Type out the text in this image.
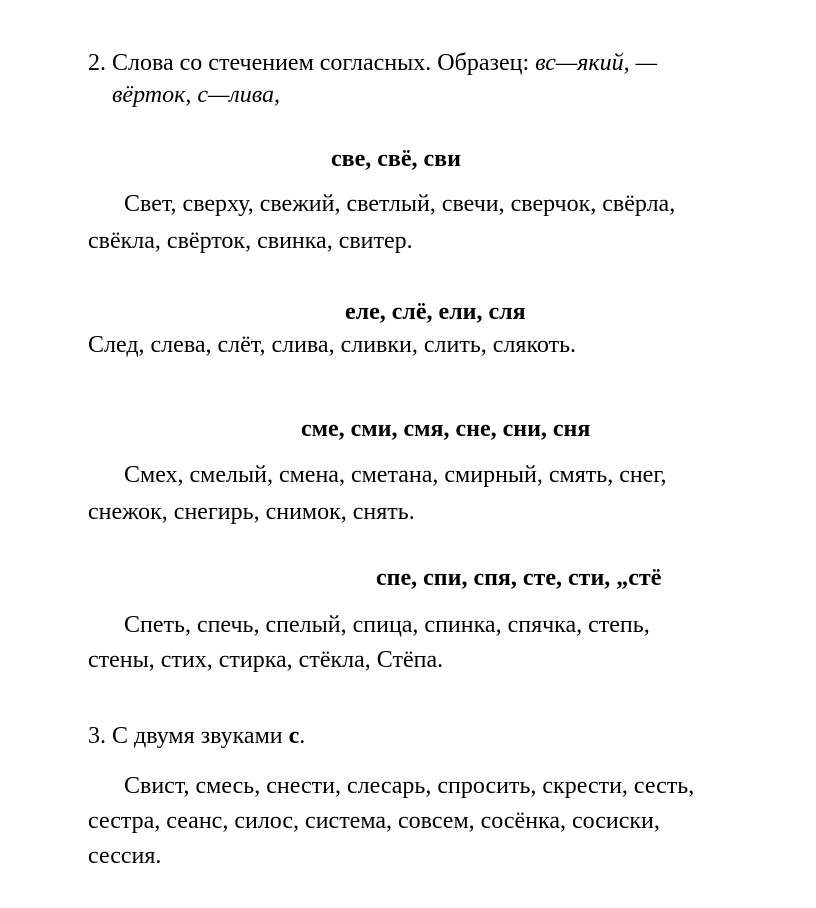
2. Слова со стечением согласных. Образец: вс—який, —
вёрток, с—лива,
све, свё, сви
Свет, сверху, свежий, светлый, свечи, сверчок, свёрла,
свёкла, свёрток, свинка, свитер.
еле, слё, ели, сля
След, слева, слёт, слива, сливки, слить, слякоть.
сме, сми, смя, сне, сни, сня
Смех, смелый, смена, сметана, смирный, смять, снег,
снежок, снегирь, снимок, снять.
спе, спи, спя, сте, сти, „стё
Спеть, спечь, спелый, спица, спинка, спячка, степь,
стены, стих, стирка, стёкла, Стёпа.
3. С двумя звуками с.
Свист, смесь, снести, слесарь, спросить, скрести, сесть,
сестра, сеанс, силос, система, совсем, сосёнка, сосиски,
сессия.
